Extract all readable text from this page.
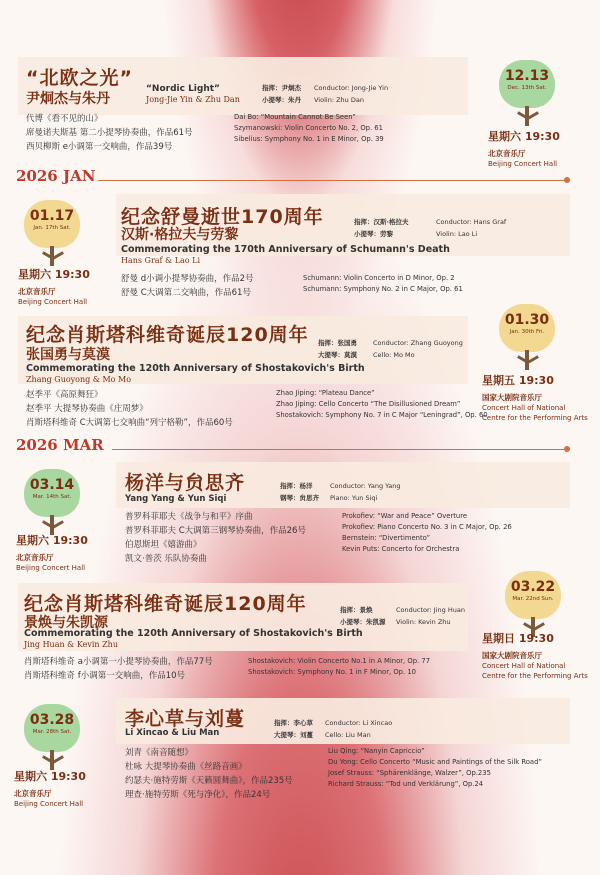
“北欧之光”
尹炯杰与朱丹
“Nordic Light”
Jong-Jie Yin & Zhu Dan
指挥：尹炯杰
小提琴：朱丹
Conductor: Jong-Jie Yin
Violin: Zhu Dan
代博《看不见的山》
席曼诺夫斯基 第二小提琴协奏曲，作品61号
西贝柳斯 e小调第一交响曲，作品39号
Dai Bo: “Mountain Cannot Be Seen”
Szymanowski: Violin Concerto No. 2, Op. 61
Sibelius: Symphony No. 1 in E Minor, Op. 39
12.13
Dec. 13th Sat.
星期六 19:30
北京音乐厅
Beijing Concert Hall
2026 JAN
纪念舒曼逝世170周年
汉斯·格拉夫与劳黎
Commemorating the 170th Anniversary of Schumann's Death
Hans Graf & Lao Li
指挥：汉斯·格拉夫
小提琴：劳黎
Conductor: Hans Graf
Violin: Lao Li
舒曼 d小调小提琴协奏曲，作品2号
舒曼 C大调第二交响曲，作品61号
Schumann: Violin Concerto in D Minor, Op. 2
Schumann: Symphony No. 2 in C Major, Op. 61
01.17
Jan. 17th Sat.
星期六 19:30
北京音乐厅
Beijing Concert Hall
纪念肖斯塔科维奇诞辰120周年
张国勇与莫漠
Commemorating the 120th Anniversary of Shostakovich's Birth
Zhang Guoyong & Mo Mo
指挥：张国勇
大提琴：莫漠
Conductor: Zhang Guoyong
Cello: Mo Mo
赵季平《高原舞狂》
赵季平 大提琴协奏曲《庄周梦》
肖斯塔科维奇 C大调第七交响曲“列宁格勒”，作品60号
Zhao Jiping: “Plateau Dance”
Zhao Jiping: Cello Concerto “The Disillusioned Dream”
Shostakovich: Symphony No. 7 in C Major “Leningrad”, Op. 60
01.30
Jan. 30th Fri.
星期五 19:30
国家大剧院音乐厅
Concert Hall of National
Centre for the Performing Arts
2026 MAR
杨洋与贠思齐
Yang Yang & Yun Siqi
指挥：杨洋
钢琴：贠思齐
Conductor: Yang Yang
Piano: Yun Siqi
普罗科菲耶夫《战争与和平》序曲
普罗科菲耶夫 C大调第三钢琴协奏曲，作品26号
伯恩斯坦《嬉游曲》
凯文·普茨 乐队协奏曲
Prokofiev: “War and Peace” Overture
Prokofiev: Piano Concerto No. 3 in C Major, Op. 26
Bernstein: “Divertimento”
Kevin Puts: Concerto for Orchestra
03.14
Mar. 14th Sat.
星期六 19:30
北京音乐厅
Beijing Concert Hall
纪念肖斯塔科维奇诞辰120周年
景焕与朱凯源
Commemorating the 120th Anniversary of Shostakovich's Birth
Jing Huan & Kevin Zhu
指挥：景焕
小提琴：朱凯源
Conductor: Jing Huan
Violin: Kevin Zhu
肖斯塔科维奇 a小调第一小提琴协奏曲，作品77号
肖斯塔科维奇 f小调第一交响曲，作品10号
Shostakovich: Violin Concerto No.1 in A Minor, Op. 77
Shostakovich: Symphony No. 1 in F Minor, Op. 10
03.22
Mar. 22nd Sun.
星期日 19:30
国家大剧院音乐厅
Concert Hall of National
Centre for the Performing Arts
李心草与刘蔓
Li Xincao & Liu Man
指挥：李心草
大提琴：刘蔓
Conductor: Li Xincao
Cello: Liu Man
刘青《南音随想》
杜咏 大提琴协奏曲《丝路音画》
约瑟夫·施特劳斯《天籁圆舞曲》，作品235号
理查·施特劳斯《死与净化》，作品24号
Liu Qing: “Nanyin Capriccio”
Du Yong: Cello Concerto “Music and Paintings of the Silk Road”
Josef Strauss: “Sphärenklänge, Walzer”, Op.235
Richard Strauss: “Tod und Verklärung”, Op.24
03.28
Mar. 28th Sat.
星期六 19:30
北京音乐厅
Beijing Concert Hall
